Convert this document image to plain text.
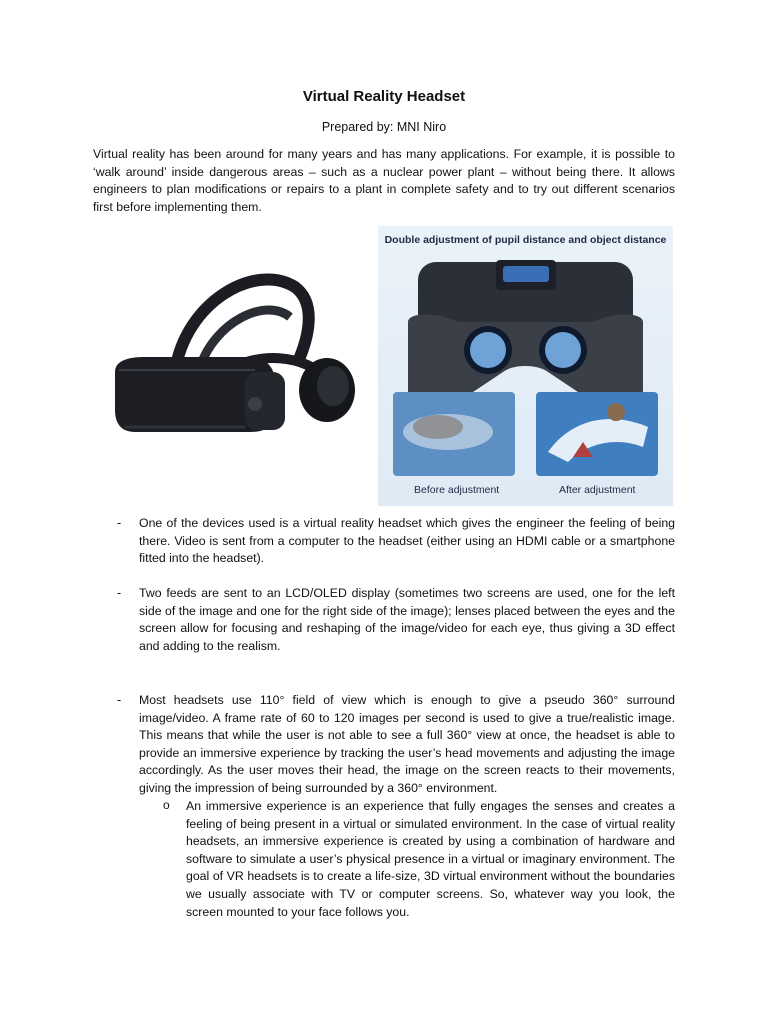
Virtual Reality Headset
Prepared by: MNI Niro
Virtual reality has been around for many years and has many applications. For example, it is possible to ‘walk around’ inside dangerous areas – such as a nuclear power plant – without being there. It allows engineers to plan modifications or repairs to a plant in complete safety and to try out different scenarios first before implementing them.
Double adjustment of pupil distance and object distance
Before adjustment	After adjustment
- One of the devices used is a virtual reality headset which gives the engineer the feeling of being there. Video is sent from a computer to the headset (either using an HDMI cable or a smartphone fitted into the headset).
- Two feeds are sent to an LCD/OLED display (sometimes two screens are used, one for the left side of the image and one for the right side of the image); lenses placed between the eyes and the screen allow for focusing and reshaping of the image/video for each eye, thus giving a 3D effect and adding to the realism.
- Most headsets use 110° field of view which is enough to give a pseudo 360° surround image/video. A frame rate of 60 to 120 images per second is used to give a true/realistic image. This means that while the user is not able to see a full 360° view at once, the headset is able to provide an immersive experience by tracking the user’s head movements and adjusting the image accordingly. As the user moves their head, the image on the screen reacts to their movements, giving the impression of being surrounded by a 360° environment.
o An immersive experience is an experience that fully engages the senses and creates a feeling of being present in a virtual or simulated environment. In the case of virtual reality headsets, an immersive experience is created by using a combination of hardware and software to simulate a user’s physical presence in a virtual or imaginary environment. The goal of VR headsets is to create a life-size, 3D virtual environment without the boundaries we usually associate with TV or computer screens. So, whatever way you look, the screen mounted to your face follows you.
